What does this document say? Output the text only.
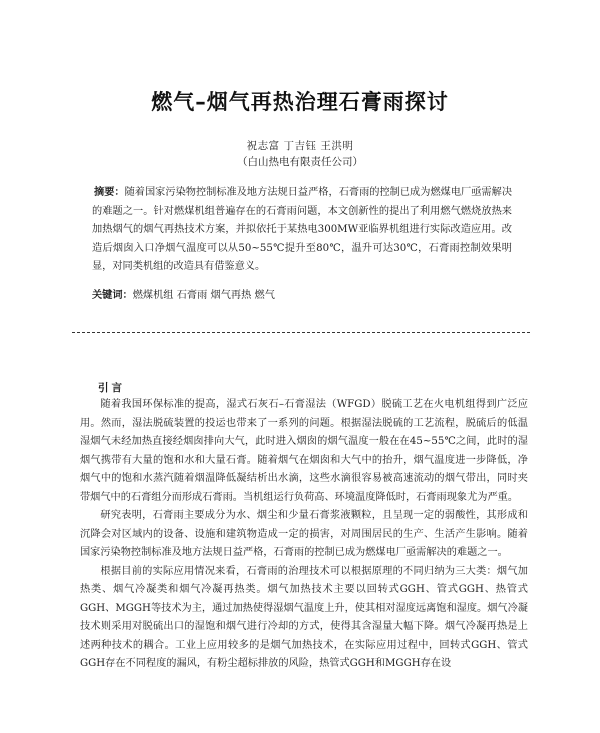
燃气–烟气再热治理石膏雨探讨
祝志富 丁吉钰 王洪明
（白山热电有限责任公司）
摘要：随着国家污染物控制标准及地方法规日益严格，石膏雨的控制已成为燃煤电厂亟需解决的难题之一。针对燃煤机组普遍存在的石膏雨问题，本文创新性的提出了利用燃气燃烧放热来加热烟气的烟气再热技术方案，并拟依托于某热电300MW亚临界机组进行实际改造应用。改造后烟囱入口净烟气温度可以从50~55℃提升至80℃，温升可达30℃，石膏雨控制效果明显，对同类机组的改造具有借鉴意义。
关键词：燃煤机组 石膏雨 烟气再热 燃气
引言

随着我国环保标准的提高，湿式石灰石–石膏湿法（WFGD）脱硫工艺在火电机组得到广泛应用。然而，湿法脱硫装置的投运也带来了一系列的问题。根据湿法脱硫的工艺流程，脱硫后的低温湿烟气未经加热直接经烟囱排向大气，此时进入烟囱的烟气温度一般在在45~55℃之间，此时的湿烟气携带有大量的饱和水和大量石膏。随着烟气在烟囱和大气中的抬升，烟气温度进一步降低，净烟气中的饱和水蒸汽随着烟温降低凝结析出水滴，这些水滴很容易被高速流动的烟气带出，同时夹带烟气中的石膏组分而形成石膏雨。当机组运行负荷高、环境温度降低时，石膏雨现象尤为严重。

研究表明，石膏雨主要成分为水、烟尘和少量石膏浆液颗粒，且呈现一定的弱酸性，其形成和沉降会对区域内的设备、设施和建筑物造成一定的损害，对周围居民的生产、生活产生影响。随着国家污染物控制标准及地方法规日益严格，石膏雨的控制已成为燃煤电厂亟需解决的难题之一。

根据目前的实际应用情况来看，石膏雨的治理技术可以根据原理的不同归纳为三大类：烟气加热类、烟气冷凝类和烟气冷凝再热类。烟气加热技术主要以回转式GGH、管式GGH、热管式GGH、MGGH等技术为主，通过加热使得湿烟气温度上升，使其相对湿度远离饱和湿度。烟气冷凝技术则采用对脱硫出口的湿饱和烟气进行冷却的方式，使得其含湿量大幅下降。烟气冷凝再热是上述两种技术的耦合。工业上应用较多的是烟气加热技术，在实际应用过程中，回转式GGH、管式GGH存在不同程度的漏风，有粉尘超标排放的风险，热管式GGH和MGGH存在设
